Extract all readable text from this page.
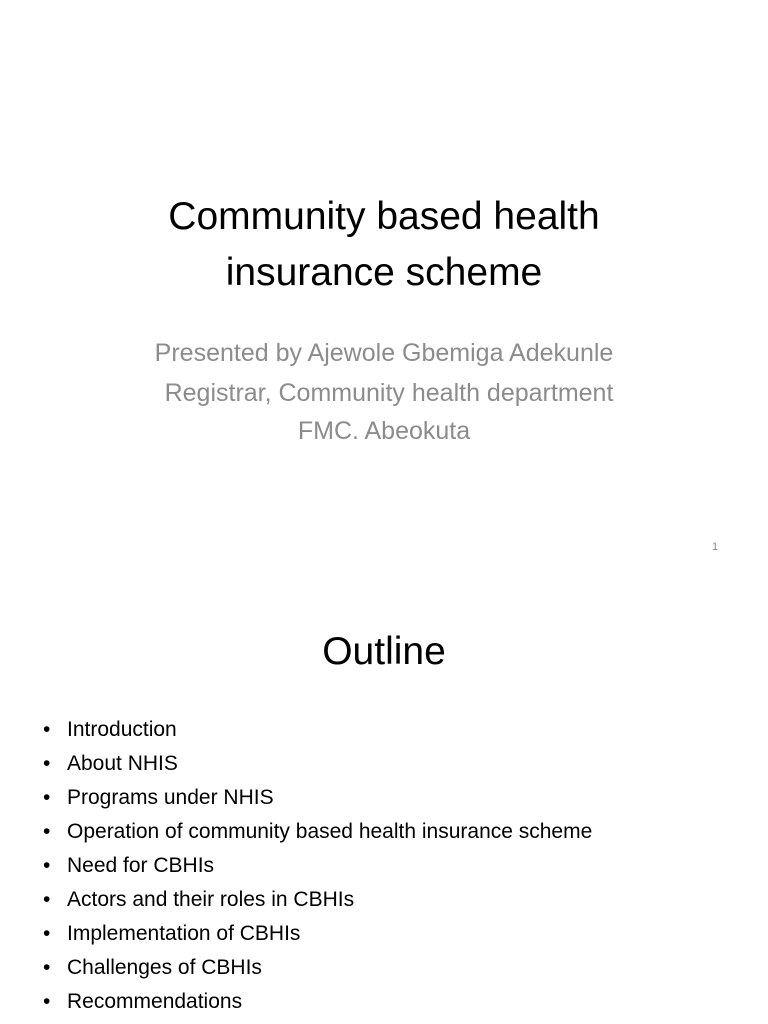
Community based health
insurance scheme
Presented by Ajewole Gbemiga Adekunle
Registrar, Community health department
FMC. Abeokuta
1
Outline
• Introduction
• About NHIS
• Programs under NHIS
• Operation of community based health insurance scheme
• Need for CBHIs
• Actors and their roles in CBHIs
• Implementation of CBHIs
• Challenges of CBHIs
• Recommendations
